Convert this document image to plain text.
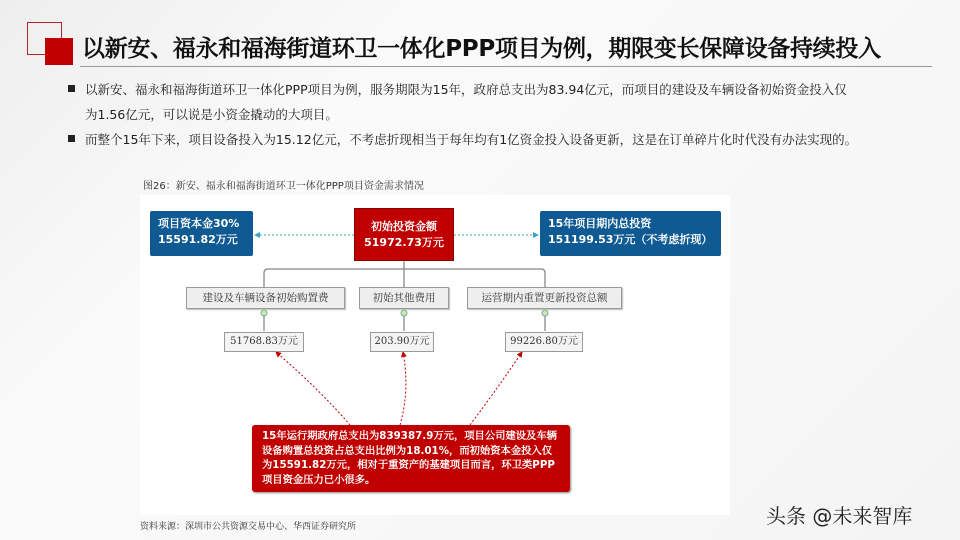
以新安、福永和福海街道环卫一体化PPP项目为例，期限变长保障设备持续投入
以新安、福永和福海街道环卫一体化PPP项目为例，服务期限为15年，政府总支出为83.94亿元，而项目的建设及车辆设备初始资金投入仅
为1.56亿元，可以说是小资金撬动的大项目。
而整个15年下来，项目设备投入为15.12亿元，不考虑折现相当于每年均有1亿资金投入设备更新，这是在订单碎片化时代没有办法实现的。
图26：新安、福永和福海街道环卫一体化PPP项目资金需求情况
项目资本金30%
15591.82万元
初始投资金额
51972.73万元
15年项目期内总投资
151199.53万元（不考虑折现）
建设及车辆设备初始购置费	初始其他费用	运营期内重置更新投资总额
51768.83万元	203.90万元	99226.80万元
15年运行期政府总支出为839387.9万元，项目公司建设及车辆设备购置总投资占总支出比例为18.01%，而初始资本金投入仅为15591.82万元，相对于重资产的基建项目而言，环卫类PPP项目资金压力已小很多。
资料来源：深圳市公共资源交易中心、华西证券研究所	头条 @未来智库
